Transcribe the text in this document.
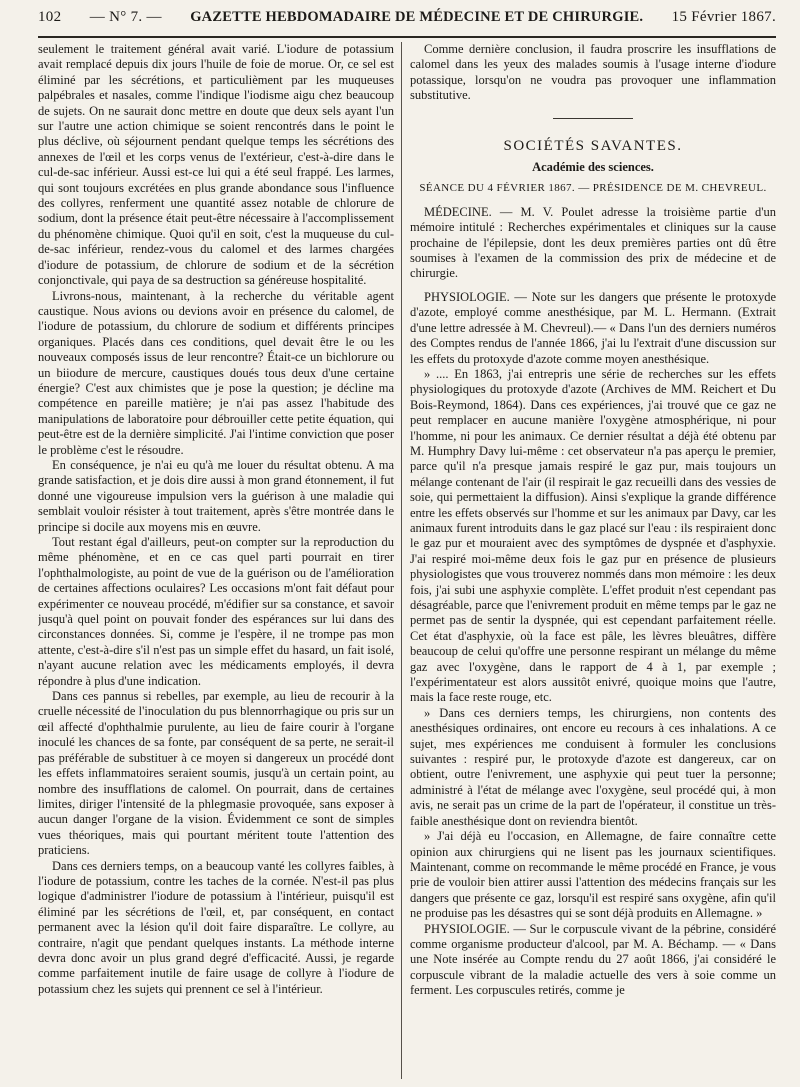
102 — N° 7. — GAZETTE HEBDOMADAIRE DE MÉDECINE ET DE CHIRURGIE. 15 Février 1867.

seulement le traitement général avait varié. L'iodure de potassium avait remplacé depuis dix jours l'huile de foie de morue. Or, ce sel est éliminé par les sécrétions, et particulièment par les muqueuses palpébrales et nasales, comme l'indique l'iodisme aigu chez beaucoup de sujets. On ne saurait donc mettre en doute que deux sels ayant l'un sur l'autre une action chimique se soient rencontrés dans le point le plus déclive, où séjournent pendant quelque temps les sécrétions des annexes de l'œil et les corps venus de l'extérieur, c'est-à-dire dans le cul-de-sac inférieur. Aussi est-ce lui qui a été seul frappé. Les larmes, qui sont toujours excrétées en plus grande abondance sous l'influence des collyres, renferment une quantité assez notable de chlorure de sodium, dont la présence était peut-être nécessaire à l'accomplissement du phénomène chimique. Quoi qu'il en soit, c'est la muqueuse du cul-de-sac inférieur, rendez-vous du calomel et des larmes chargées d'iodure de potassium, de chlorure de sodium et de la sécrétion conjonctivale, qui paya de sa destruction sa généreuse hospitalité.

Livrons-nous, maintenant, à la recherche du véritable agent caustique. Nous avions ou devions avoir en présence du calomel, de l'iodure de potassium, du chlorure de sodium et différents principes organiques. Placés dans ces conditions, quel devait être le ou les nouveaux composés issus de leur rencontre? Était-ce un bichlorure ou un biiodure de mercure, caustiques doués tous deux d'une certaine énergie? C'est aux chimistes que je pose la question; je décline ma compétence en pareille matière; je n'ai pas assez l'habitude des manipulations de laboratoire pour débrouiller cette petite équation, qui peut-être est de la dernière simplicité. J'ai l'intime conviction que poser le problème c'est le résoudre.

En conséquence, je n'ai eu qu'à me louer du résultat obtenu. A ma grande satisfaction, et je dois dire aussi à mon grand étonnement, il fut donné une vigoureuse impulsion vers la guérison à une maladie qui semblait vouloir résister à tout traitement, après s'être montrée dans le principe si docile aux moyens mis en œuvre.

Tout restant égal d'ailleurs, peut-on compter sur la reproduction du même phénomène, et en ce cas quel parti pourrait en tirer l'ophthalmologiste, au point de vue de la guérison ou de l'amélioration de certaines affections oculaires? Les occasions m'ont fait défaut pour expérimenter ce nouveau procédé, m'édifier sur sa constance, et savoir jusqu'à quel point on pouvait fonder des espérances sur lui dans des circonstances données. Si, comme je l'espère, il ne trompe pas mon attente, c'est-à-dire s'il n'est pas un simple effet du hasard, un fait isolé, n'ayant aucune relation avec les médicaments employés, il devra répondre à plus d'une indication.

Dans ces pannus si rebelles, par exemple, au lieu de recourir à la cruelle nécessité de l'inoculation du pus blennorrhagique ou pris sur un œil affecté d'ophthalmie purulente, au lieu de faire courir à l'organe inoculé les chances de sa fonte, par conséquent de sa perte, ne serait-il pas préférable de substituer à ce moyen si dangereux un procédé dont les effets inflammatoires seraient soumis, jusqu'à un certain point, au nombre des insufflations de calomel. On pourrait, dans de certaines limites, diriger l'intensité de la phlegmasie provoquée, sans exposer à aucun danger l'organe de la vision. Évidemment ce sont de simples vues théoriques, mais qui pourtant méritent toute l'attention des praticiens.

Dans ces derniers temps, on a beaucoup vanté les collyres faibles, à l'iodure de potassium, contre les taches de la cornée. N'est-il pas plus logique d'administrer l'iodure de potassium à l'intérieur, puisqu'il est éliminé par les sécrétions de l'œil, et, par conséquent, en contact permanent avec la lésion qu'il doit faire disparaître. Le collyre, au contraire, n'agit que pendant quelques instants. La méthode interne devra donc avoir un plus grand degré d'efficacité. Aussi, je regarde comme parfaitement inutile de faire usage de collyre à l'iodure de potassium chez les sujets qui prennent ce sel à l'intérieur.

Comme dernière conclusion, il faudra proscrire les insufflations de calomel dans les yeux des malades soumis à l'usage interne d'iodure potassique, lorsqu'on ne voudra pas provoquer une inflammation substitutive.

SOCIÉTÉS SAVANTES.
Académie des sciences.
SÉANCE DU 4 FÉVRIER 1867. — PRÉSIDENCE DE M. CHEVREUL.

MÉDECINE. — M. V. Poulet adresse la troisième partie d'un mémoire intitulé : Recherches expérimentales et cliniques sur la cause prochaine de l'épilepsie, dont les deux premières parties ont dû être soumises à l'examen de la commission des prix de médecine et de chirurgie.

PHYSIOLOGIE. — Note sur les dangers que présente le protoxyde d'azote, employé comme anesthésique, par M. L. Hermann. (Extrait d'une lettre adressée à M. Chevreul).— « Dans l'un des derniers numéros des Comptes rendus de l'année 1866, j'ai lu l'extrait d'une discussion sur les effets du protoxyde d'azote comme moyen anesthésique.

» .... En 1863, j'ai entrepris une série de recherches sur les effets physiologiques du protoxyde d'azote (Archives de MM. Reichert et Du Bois-Reymond, 1864). Dans ces expériences, j'ai trouvé que ce gaz ne peut remplacer en aucune manière l'oxygène atmosphérique, ni pour l'homme, ni pour les animaux. Ce dernier résultat a déjà été obtenu par M. Humphry Davy lui-même : cet observateur n'a pas aperçu le premier, parce qu'il n'a presque jamais respiré le gaz pur, mais toujours un mélange contenant de l'air (il respirait le gaz recueilli dans des vessies de soie, qui permettaient la diffusion). Ainsi s'explique la grande différence entre les effets observés sur l'homme et sur les animaux par Davy, car les animaux furent introduits dans le gaz placé sur l'eau : ils respiraient donc le gaz pur et mouraient avec des symptômes de dyspnée et d'asphyxie. J'ai respiré moi-même deux fois le gaz pur en présence de plusieurs physiologistes que vous trouverez nommés dans mon mémoire : les deux fois, j'ai subi une asphyxie complète. L'effet produit n'est cependant pas désagréable, parce que l'enivrement produit en même temps par le gaz ne permet pas de sentir la dyspnée, qui est cependant parfaitement réelle. Cet état d'asphyxie, où la face est pâle, les lèvres bleuâtres, diffère beaucoup de celui qu'offre une personne respirant un mélange du même gaz avec l'oxygène, dans le rapport de 4 à 1, par exemple ; l'expérimentateur est alors aussitôt enivré, quoique moins que l'autre, mais la face reste rouge, etc.

» Dans ces derniers temps, les chirurgiens, non contents des anesthésiques ordinaires, ont encore eu recours à ces inhalations. A ce sujet, mes expériences me conduisent à formuler les conclusions suivantes : respiré pur, le protoxyde d'azote est dangereux, car on obtient, outre l'enivrement, une asphyxie qui peut tuer la personne; administré à l'état de mélange avec l'oxygène, seul procédé qui, à mon avis, ne serait pas un crime de la part de l'opérateur, il constitue un très-faible anesthésique dont on reviendra bientôt.

» J'ai déjà eu l'occasion, en Allemagne, de faire connaître cette opinion aux chirurgiens qui ne lisent pas les journaux scientifiques. Maintenant, comme on recommande le même procédé en France, je vous prie de vouloir bien attirer aussi l'attention des médecins français sur les dangers que présente ce gaz, lorsqu'il est respiré sans oxygène, afin qu'il ne produise pas les désastres qui se sont déjà produits en Allemagne. »

PHYSIOLOGIE. — Sur le corpuscule vivant de la pébrine, considéré comme organisme producteur d'alcool, par M. A. Béchamp. — « Dans une Note insérée au Compte rendu du 27 août 1866, j'ai considéré le corpuscule vibrant de la maladie actuelle des vers à soie comme un ferment. Les corpuscules retirés, comme je
